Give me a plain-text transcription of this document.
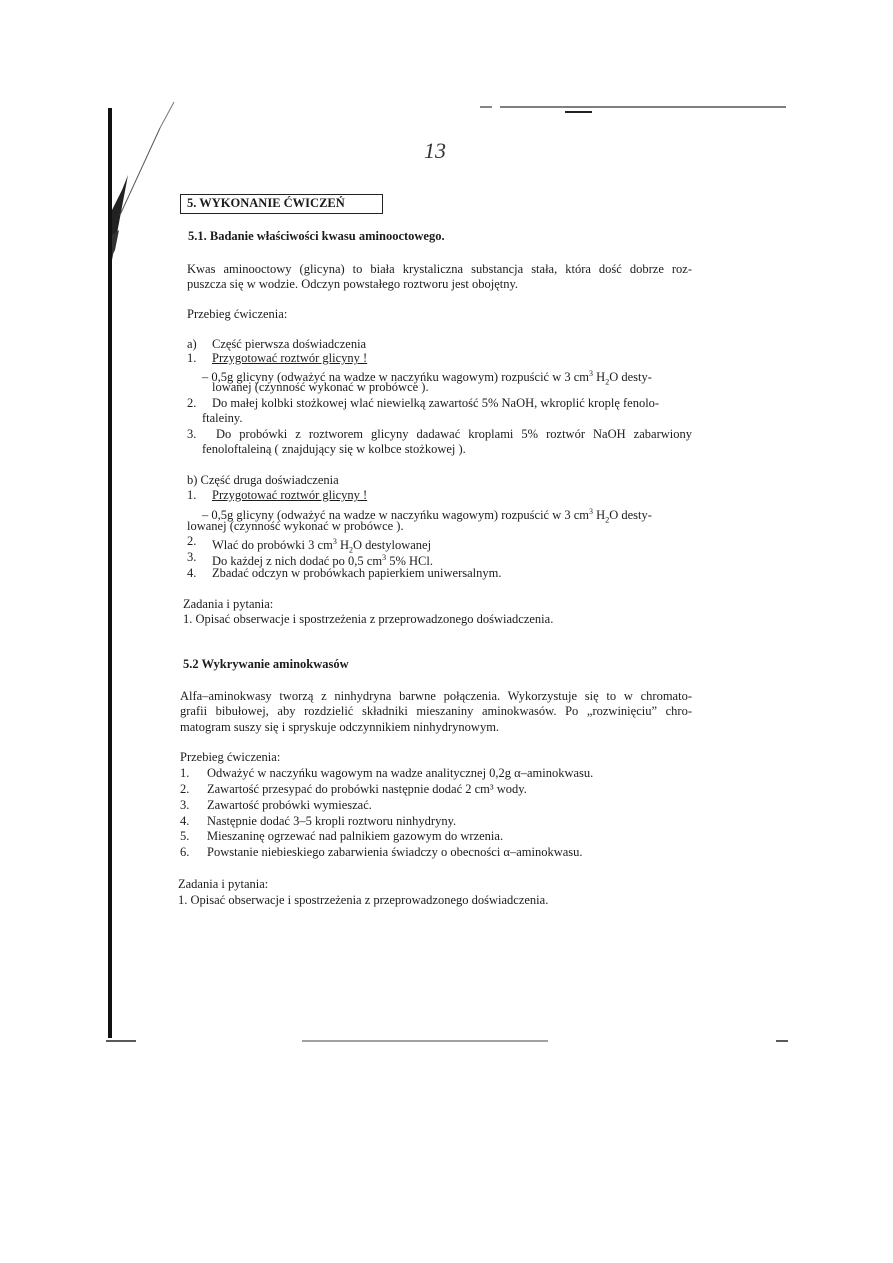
13
5. WYKONANIE ĆWICZEŃ
5.1. Badanie właściwości kwasu aminooctowego.
Kwas aminooctowy (glicyna) to biała krystaliczna substancja stała, która dość dobrze roz-
puszcza się w wodzie. Odczyn powstałego roztworu jest obojętny.
Przebieg ćwiczenia:
a) Część pierwsza doświadczenia
1. Przygotować roztwór glicyny !
– 0,5g glicyny (odważyć na wadze w naczyńku wagowym) rozpuścić w 3 $cm^3$ $H_2O$ desty-
lowanej (czynność wykonać w probówce ).
2. Do małej kolbki stożkowej wlać niewielką zawartość 5% NaOH, wkroplić kroplę fenolo-
ftaleiny.
3. Do probówki z roztworem glicyny dadawać kroplami 5% roztwór NaOH zabarwiony
fenoloftaleiną ( znajdujący się w kolbce stożkowej ).
b) Część druga doświadczenia
1. Przygotować roztwór glicyny !
– 0,5g glicyny (odważyć na wadze w naczyńku wagowym) rozpuścić w 3 $cm^3$ $H_2O$ desty-
lowanej (czynność wykonać w probówce ).
2. Wlać do probówki 3 $cm^3$ $H_2O$ destylowanej
3. Do każdej z nich dodać po 0,5 $cm^3$ 5% HCl.
4. Zbadać odczyn w probówkach papierkiem uniwersalnym.
Zadania i pytania:
1. Opisać obserwacje i spostrzeżenia z przeprowadzonego doświadczenia.
5.2 Wykrywanie aminokwasów
Alfa–aminokwasy tworzą z ninhydryna barwne połączenia. Wykorzystuje się to w chromato-
grafii bibułowej, aby rozdzielić składniki mieszaniny aminokwasów. Po „rozwinięciu” chro-
matogram suszy się i spryskuje odczynnikiem ninhydrynowym.
Przebieg ćwiczenia:
1. Odważyć w naczyńku wagowym na wadze analitycznej 0,2g α–aminokwasu.
2. Zawartość przesypać do probówki następnie dodać 2 cm³ wody.
3. Zawartość probówki wymieszać.
4. Następnie dodać 3–5 kropli roztworu ninhydryny.
5. Mieszaninę ogrzewać nad palnikiem gazowym do wrzenia.
6. Powstanie niebieskiego zabarwienia świadczy o obecności α–aminokwasu.
Zadania i pytania:
1. Opisać obserwacje i spostrzeżenia z przeprowadzonego doświadczenia.
